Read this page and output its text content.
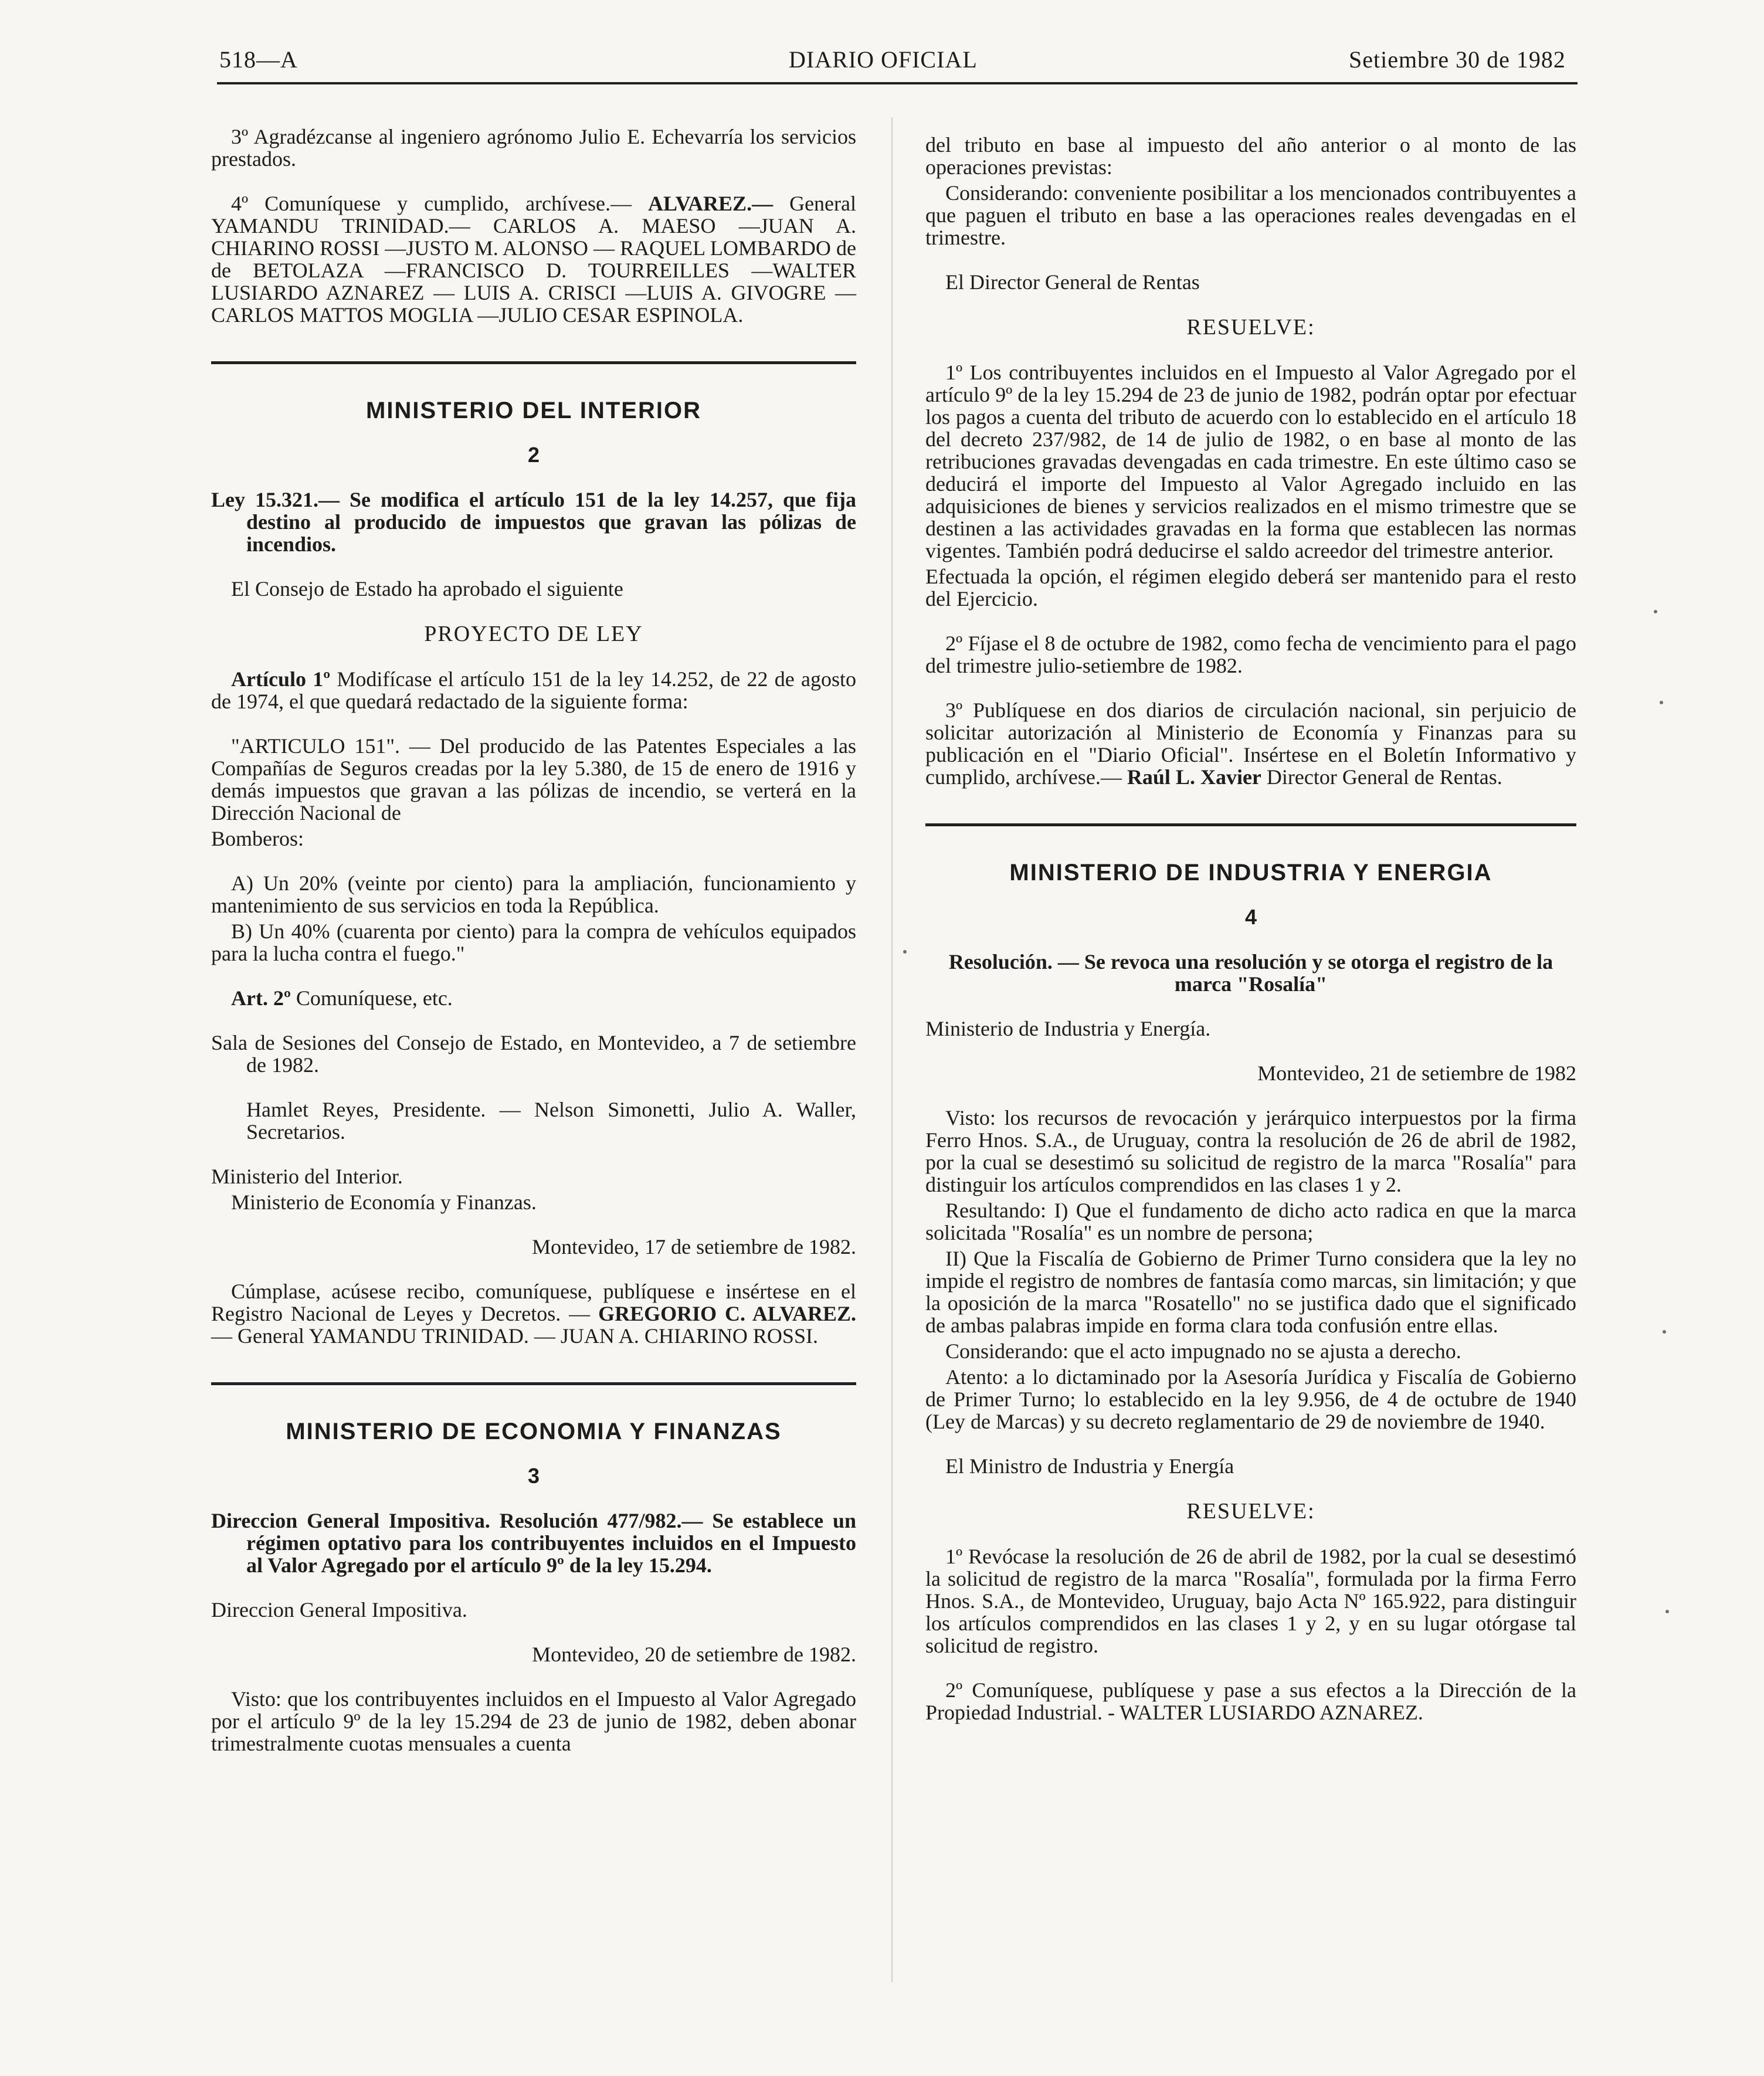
518—A	DIARIO OFICIAL	Setiembre 30 de 1982

3º Agradézcanse al ingeniero agrónomo Julio E. Echevarría los servicios prestados.

4º Comuníquese y cumplido, archívese.— ALVAREZ.— General YAMANDU TRINIDAD.— CARLOS A. MAESO —JUAN A. CHIARINO ROSSI —JUSTO M. ALONSO — RAQUEL LOMBARDO de de BETOLAZA —FRANCISCO D. TOURREILLES —WALTER LUSIARDO AZNAREZ — LUIS A. CRISCI —LUIS A. GIVOGRE —CARLOS MATTOS MOGLIA —JULIO CESAR ESPINOLA.

MINISTERIO DEL INTERIOR

2

Ley 15.321.— Se modifica el artículo 151 de la ley 14.257, que fija destino al producido de impuestos que gravan las pólizas de incendios.

El Consejo de Estado ha aprobado el siguiente

PROYECTO DE LEY

Artículo 1º Modifícase el artículo 151 de la ley 14.252, de 22 de agosto de 1974, el que quedará redactado de la siguiente forma:

"ARTICULO 151". — Del producido de las Patentes Especiales a las Compañías de Seguros creadas por la ley 5.380, de 15 de enero de 1916 y demás impuestos que gravan a las pólizas de incendio, se verterá en la Dirección Nacional de

Bomberos:

A) Un 20% (veinte por ciento) para la ampliación, funcionamiento y mantenimiento de sus servicios en toda la República.

B) Un 40% (cuarenta por ciento) para la compra de vehículos equipados para la lucha contra el fuego."

Art. 2º Comuníquese, etc.

Sala de Sesiones del Consejo de Estado, en Montevideo, a 7 de setiembre de 1982.

Hamlet Reyes, Presidente. — Nelson Simonetti, Julio A. Waller, Secretarios.

Ministerio del Interior.

Ministerio de Economía y Finanzas.

Montevideo, 17 de setiembre de 1982.

Cúmplase, acúsese recibo, comuníquese, publíquese e insértese en el Registro Nacional de Leyes y Decretos. — GREGORIO C. ALVAREZ. — General YAMANDU TRINIDAD. — JUAN A. CHIARINO ROSSI.

MINISTERIO DE ECONOMIA Y FINANZAS

3

Direccion General Impositiva. Resolución 477/982.— Se establece un régimen optativo para los contribuyentes incluidos en el Impuesto al Valor Agregado por el artículo 9º de la ley 15.294.

Direccion General Impositiva.

Montevideo, 20 de setiembre de 1982.

Visto: que los contribuyentes incluidos en el Impuesto al Valor Agregado por el artículo 9º de la ley 15.294 de 23 de junio de 1982, deben abonar trimestralmente cuotas mensuales a cuenta

del tributo en base al impuesto del año anterior o al monto de las operaciones previstas:

Considerando: conveniente posibilitar a los mencionados contribuyentes a que paguen el tributo en base a las operaciones reales devengadas en el trimestre.

El Director General de Rentas

RESUELVE:

1º Los contribuyentes incluidos en el Impuesto al Valor Agregado por el artículo 9º de la ley 15.294 de 23 de junio de 1982, podrán optar por efectuar los pagos a cuenta del tributo de acuerdo con lo establecido en el artículo 18 del decreto 237/982, de 14 de julio de 1982, o en base al monto de las retribuciones gravadas devengadas en cada trimestre. En este último caso se deducirá el importe del Impuesto al Valor Agregado incluido en las adquisiciones de bienes y servicios realizados en el mismo trimestre que se destinen a las actividades gravadas en la forma que establecen las normas vigentes. También podrá deducirse el saldo acreedor del trimestre anterior.

Efectuada la opción, el régimen elegido deberá ser mantenido para el resto del Ejercicio.

2º Fíjase el 8 de octubre de 1982, como fecha de vencimiento para el pago del trimestre julio-setiembre de 1982.

3º Publíquese en dos diarios de circulación nacional, sin perjuicio de solicitar autorización al Ministerio de Economía y Finanzas para su publicación en el "Diario Oficial". Insértese en el Boletín Informativo y cumplido, archívese.— Raúl L. Xavier Director General de Rentas.

MINISTERIO DE INDUSTRIA Y ENERGIA

4

Resolución. — Se revoca una resolución y se otorga el registro de la marca "Rosalía"

Ministerio de Industria y Energía.

Montevideo, 21 de setiembre de 1982

Visto: los recursos de revocación y jerárquico interpuestos por la firma Ferro Hnos. S.A., de Uruguay, contra la resolución de 26 de abril de 1982, por la cual se desestimó su solicitud de registro de la marca "Rosalía" para distinguir los artículos comprendidos en las clases 1 y 2.

Resultando: I) Que el fundamento de dicho acto radica en que la marca solicitada "Rosalía" es un nombre de persona;

II) Que la Fiscalía de Gobierno de Primer Turno considera que la ley no impide el registro de nombres de fantasía como marcas, sin limitación; y que la oposición de la marca "Rosatello" no se justifica dado que el significado de ambas palabras impide en forma clara toda confusión entre ellas.

Considerando: que el acto impugnado no se ajusta a derecho.

Atento: a lo dictaminado por la Asesoría Jurídica y Fiscalía de Gobierno de Primer Turno; lo establecido en la ley 9.956, de 4 de octubre de 1940 (Ley de Marcas) y su decreto reglamentario de 29 de noviembre de 1940.

El Ministro de Industria y Energía

RESUELVE:

1º Revócase la resolución de 26 de abril de 1982, por la cual se desestimó la solicitud de registro de la marca "Rosalía", formulada por la firma Ferro Hnos. S.A., de Montevideo, Uruguay, bajo Acta Nº 165.922, para distinguir los artículos comprendidos en las clases 1 y 2, y en su lugar otórgase tal solicitud de registro.

2º Comuníquese, publíquese y pase a sus efectos a la Dirección de la Propiedad Industrial. - WALTER LUSIARDO AZNAREZ.
